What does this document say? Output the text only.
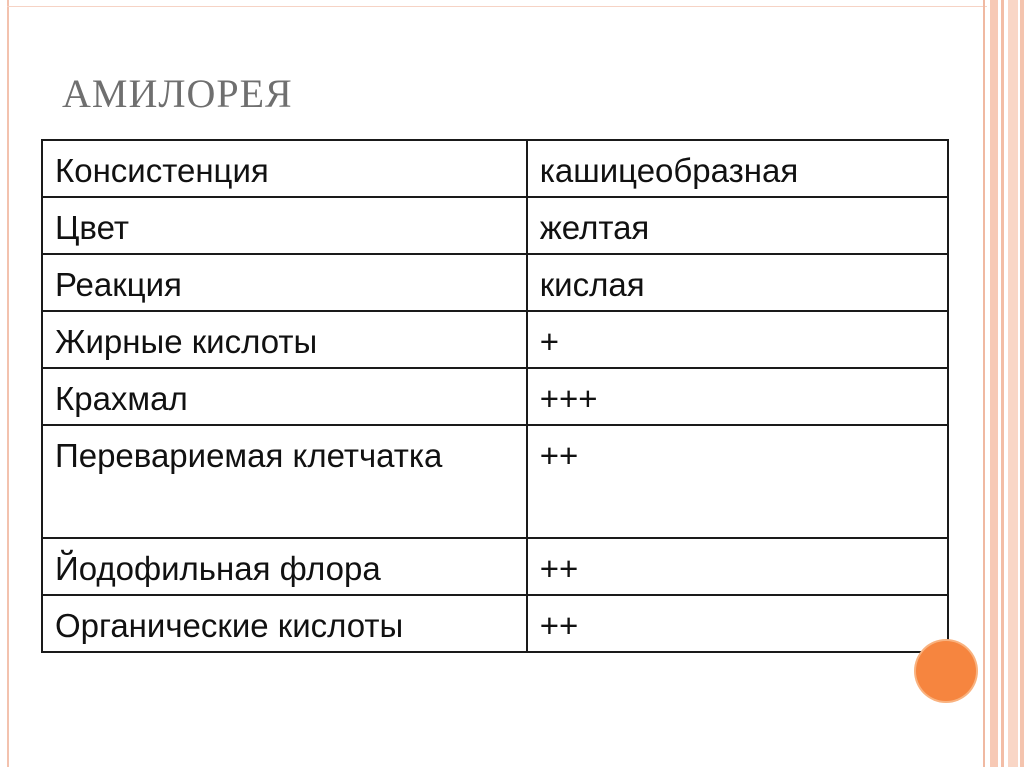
АМИЛОРЕЯ
Консистенция	кашицеобразная
Цвет	желтая
Реакция	кислая
Жирные кислоты	+
Крахмал	+++
Перевариемая клетчатка	++
Йодофильная флора	++
Органические кислоты	++
